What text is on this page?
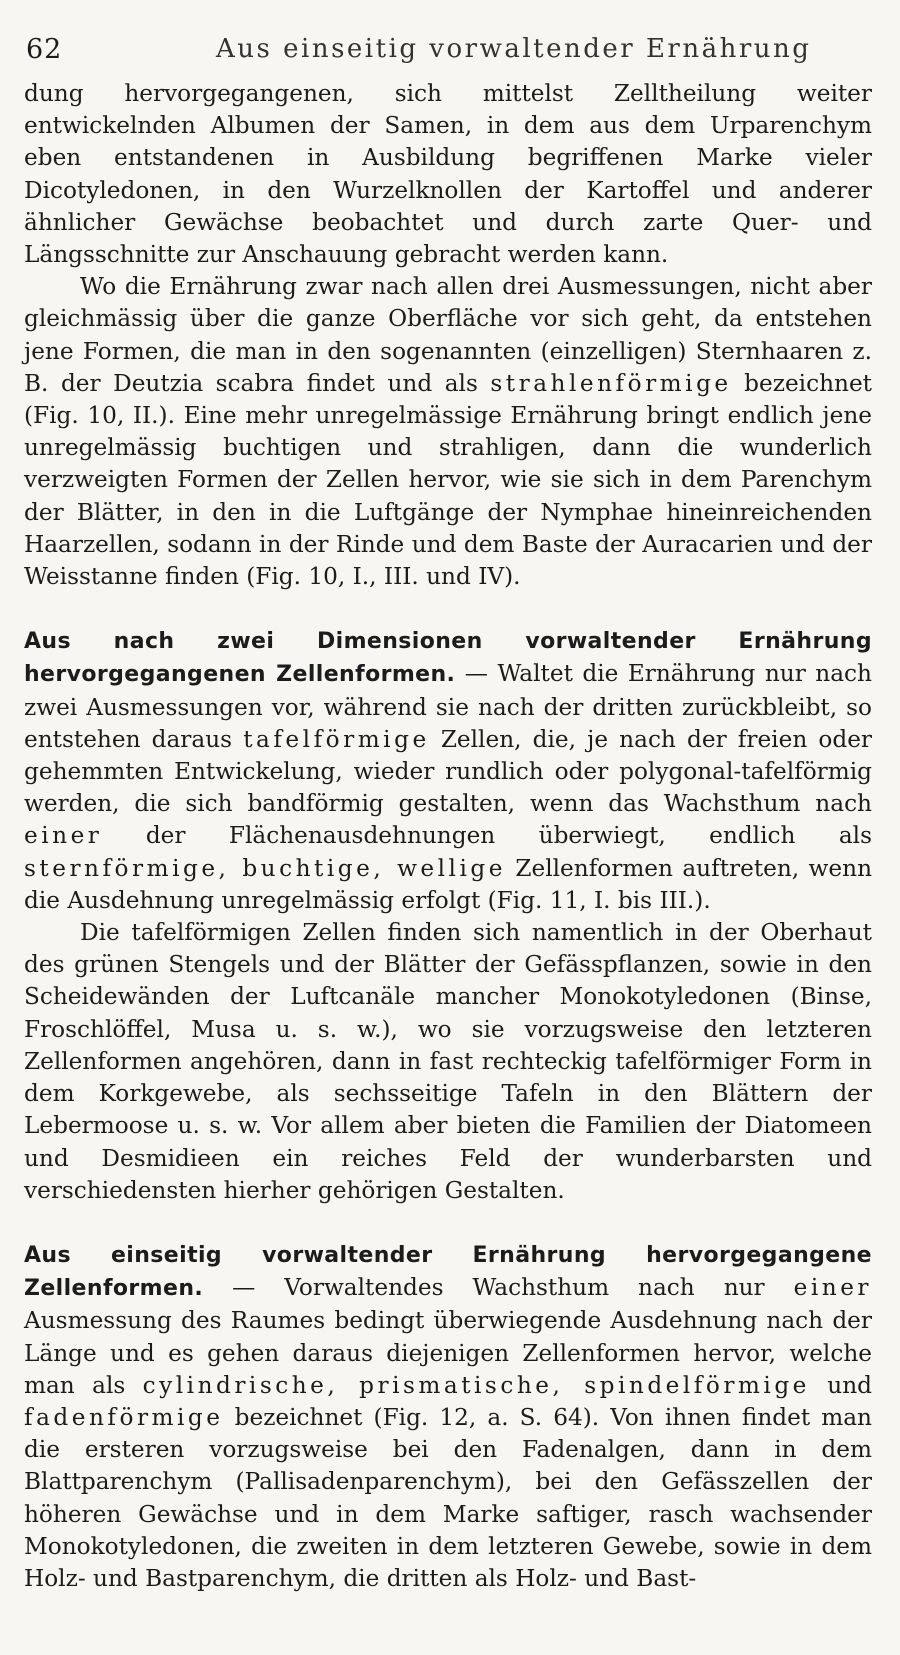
62	Aus einseitig vorwaltender Ernährung

dung hervorgegangenen, sich mittelst Zelltheilung weiter entwickelnden Albumen der Samen, in dem aus dem Urparenchym eben entstandenen in Ausbildung begriffenen Marke vieler Dicotyledonen, in den Wurzelknollen der Kartoffel und anderer ähnlicher Gewächse beobachtet und durch zarte Quer- und Längsschnitte zur Anschauung gebracht werden kann.

Wo die Ernährung zwar nach allen drei Ausmessungen, nicht aber gleichmässig über die ganze Oberfläche vor sich geht, da entstehen jene Formen, die man in den sogenannten (einzelligen) Sternhaaren z. B. der Deutzia scabra findet und als strahlenförmige bezeichnet (Fig. 10, II.). Eine mehr unregelmässige Ernährung bringt endlich jene unregelmässig buchtigen und strahligen, dann die wunderlich verzweigten Formen der Zellen hervor, wie sie sich in dem Parenchym der Blätter, in den in die Luftgänge der Nymphae hineinreichenden Haarzellen, sodann in der Rinde und dem Baste der Auracarien und der Weisstanne finden (Fig. 10, I., III. und IV).

Aus nach zwei Dimensionen vorwaltender Ernährung hervorgegangenen Zellenformen. — Waltet die Ernährung nur nach zwei Ausmessungen vor, während sie nach der dritten zurückbleibt, so entstehen daraus tafelförmige Zellen, die, je nach der freien oder gehemmten Entwickelung, wieder rundlich oder polygonal-tafelförmig werden, die sich bandförmig gestalten, wenn das Wachsthum nach einer der Flächenausdehnungen überwiegt, endlich als sternförmige, buchtige, wellige Zellenformen auftreten, wenn die Ausdehnung unregelmässig erfolgt (Fig. 11, I. bis III.).

Die tafelförmigen Zellen finden sich namentlich in der Oberhaut des grünen Stengels und der Blätter der Gefässpflanzen, sowie in den Scheidewänden der Luftcanäle mancher Monokotyledonen (Binse, Froschlöffel, Musa u. s. w.), wo sie vorzugsweise den letzteren Zellenformen angehören, dann in fast rechteckig tafelförmiger Form in dem Korkgewebe, als sechsseitige Tafeln in den Blättern der Lebermoose u. s. w. Vor allem aber bieten die Familien der Diatomeen und Desmidieen ein reiches Feld der wunderbarsten und verschiedensten hierher gehörigen Gestalten.

Aus einseitig vorwaltender Ernährung hervorgegangene Zellenformen. — Vorwaltendes Wachsthum nach nur einer Ausmessung des Raumes bedingt überwiegende Ausdehnung nach der Länge und es gehen daraus diejenigen Zellenformen hervor, welche man als cylindrische, prismatische, spindelförmige und fadenförmige bezeichnet (Fig. 12, a. S. 64). Von ihnen findet man die ersteren vorzugsweise bei den Fadenalgen, dann in dem Blattparenchym (Pallisadenparenchym), bei den Gefässzellen der höheren Gewächse und in dem Marke saftiger, rasch wachsender Monokotyledonen, die zweiten in dem letzteren Gewebe, sowie in dem Holz- und Bastparenchym, die dritten als Holz- und Bast-
